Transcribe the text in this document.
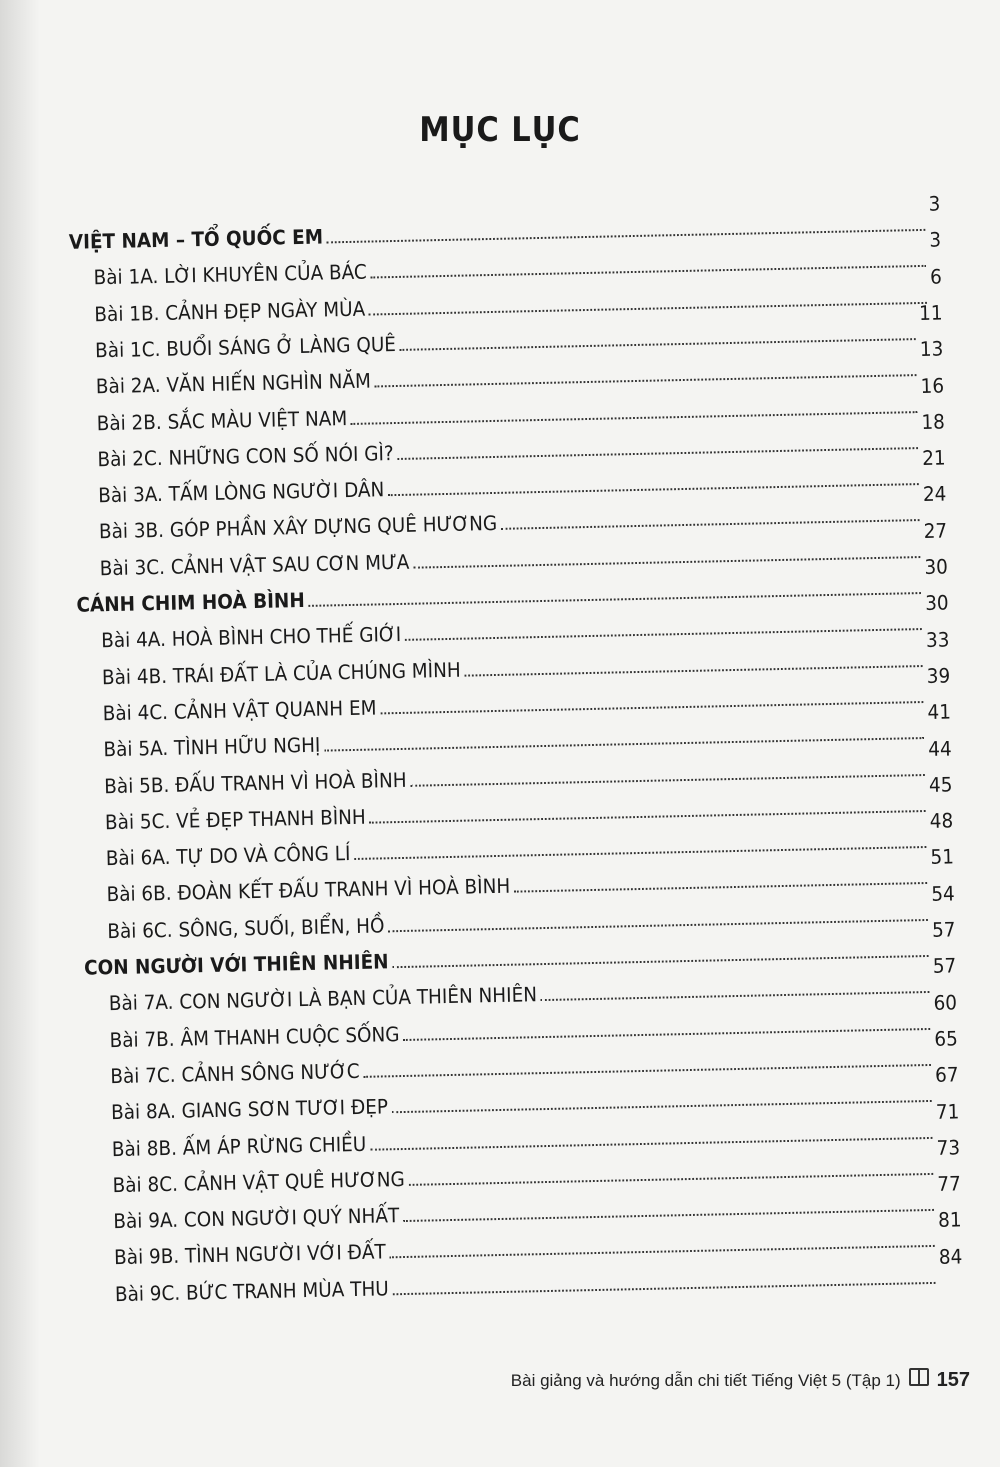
MỤC LỤC
VIỆT NAM – TỔ QUỐC EM
3
Bài 1A. LỜI KHUYÊN CỦA BÁC
3
Bài 1B. CẢNH ĐẸP NGÀY MÙA
6
Bài 1C. BUỔI SÁNG Ở LÀNG QUÊ
11
Bài 2A. VĂN HIẾN NGHÌN NĂM
13
Bài 2B. SẮC MÀU VIỆT NAM
16
Bài 2C. NHỮNG CON SỐ NÓI GÌ?
18
Bài 3A. TẤM LÒNG NGƯỜI DÂN
21
Bài 3B. GÓP PHẦN XÂY DỰNG QUÊ HƯƠNG
24
Bài 3C. CẢNH VẬT SAU CƠN MƯA
27
CÁNH CHIM HOÀ BÌNH
30
Bài 4A. HOÀ BÌNH CHO THẾ GIỚI
30
Bài 4B. TRÁI ĐẤT LÀ CỦA CHÚNG MÌNH
33
Bài 4C. CẢNH VẬT QUANH EM
39
Bài 5A. TÌNH HỮU NGHỊ
41
Bài 5B. ĐẤU TRANH VÌ HOÀ BÌNH
44
Bài 5C. VẺ ĐẸP THANH BÌNH
45
Bài 6A. TỰ DO VÀ CÔNG LÍ
48
Bài 6B. ĐOÀN KẾT ĐẤU TRANH VÌ HOÀ BÌNH
51
Bài 6C. SÔNG, SUỐI, BIỂN, HỒ
54
CON NGƯỜI VỚI THIÊN NHIÊN
57
Bài 7A. CON NGƯỜI LÀ BẠN CỦA THIÊN NHIÊN
57
Bài 7B. ÂM THANH CUỘC SỐNG
60
Bài 7C. CẢNH SÔNG NƯỚC
65
Bài 8A. GIANG SƠN TƯƠI ĐẸP
67
Bài 8B. ẤM ÁP RỪNG CHIỀU
71
Bài 8C. CẢNH VẬT QUÊ HƯƠNG
73
Bài 9A. CON NGƯỜI QUÝ NHẤT
77
Bài 9B. TÌNH NGƯỜI VỚI ĐẤT
81
Bài 9C. BỨC TRANH MÙA THU
84
Bài giảng và hướng dẫn chi tiết Tiếng Việt 5 (Tập 1) 157
